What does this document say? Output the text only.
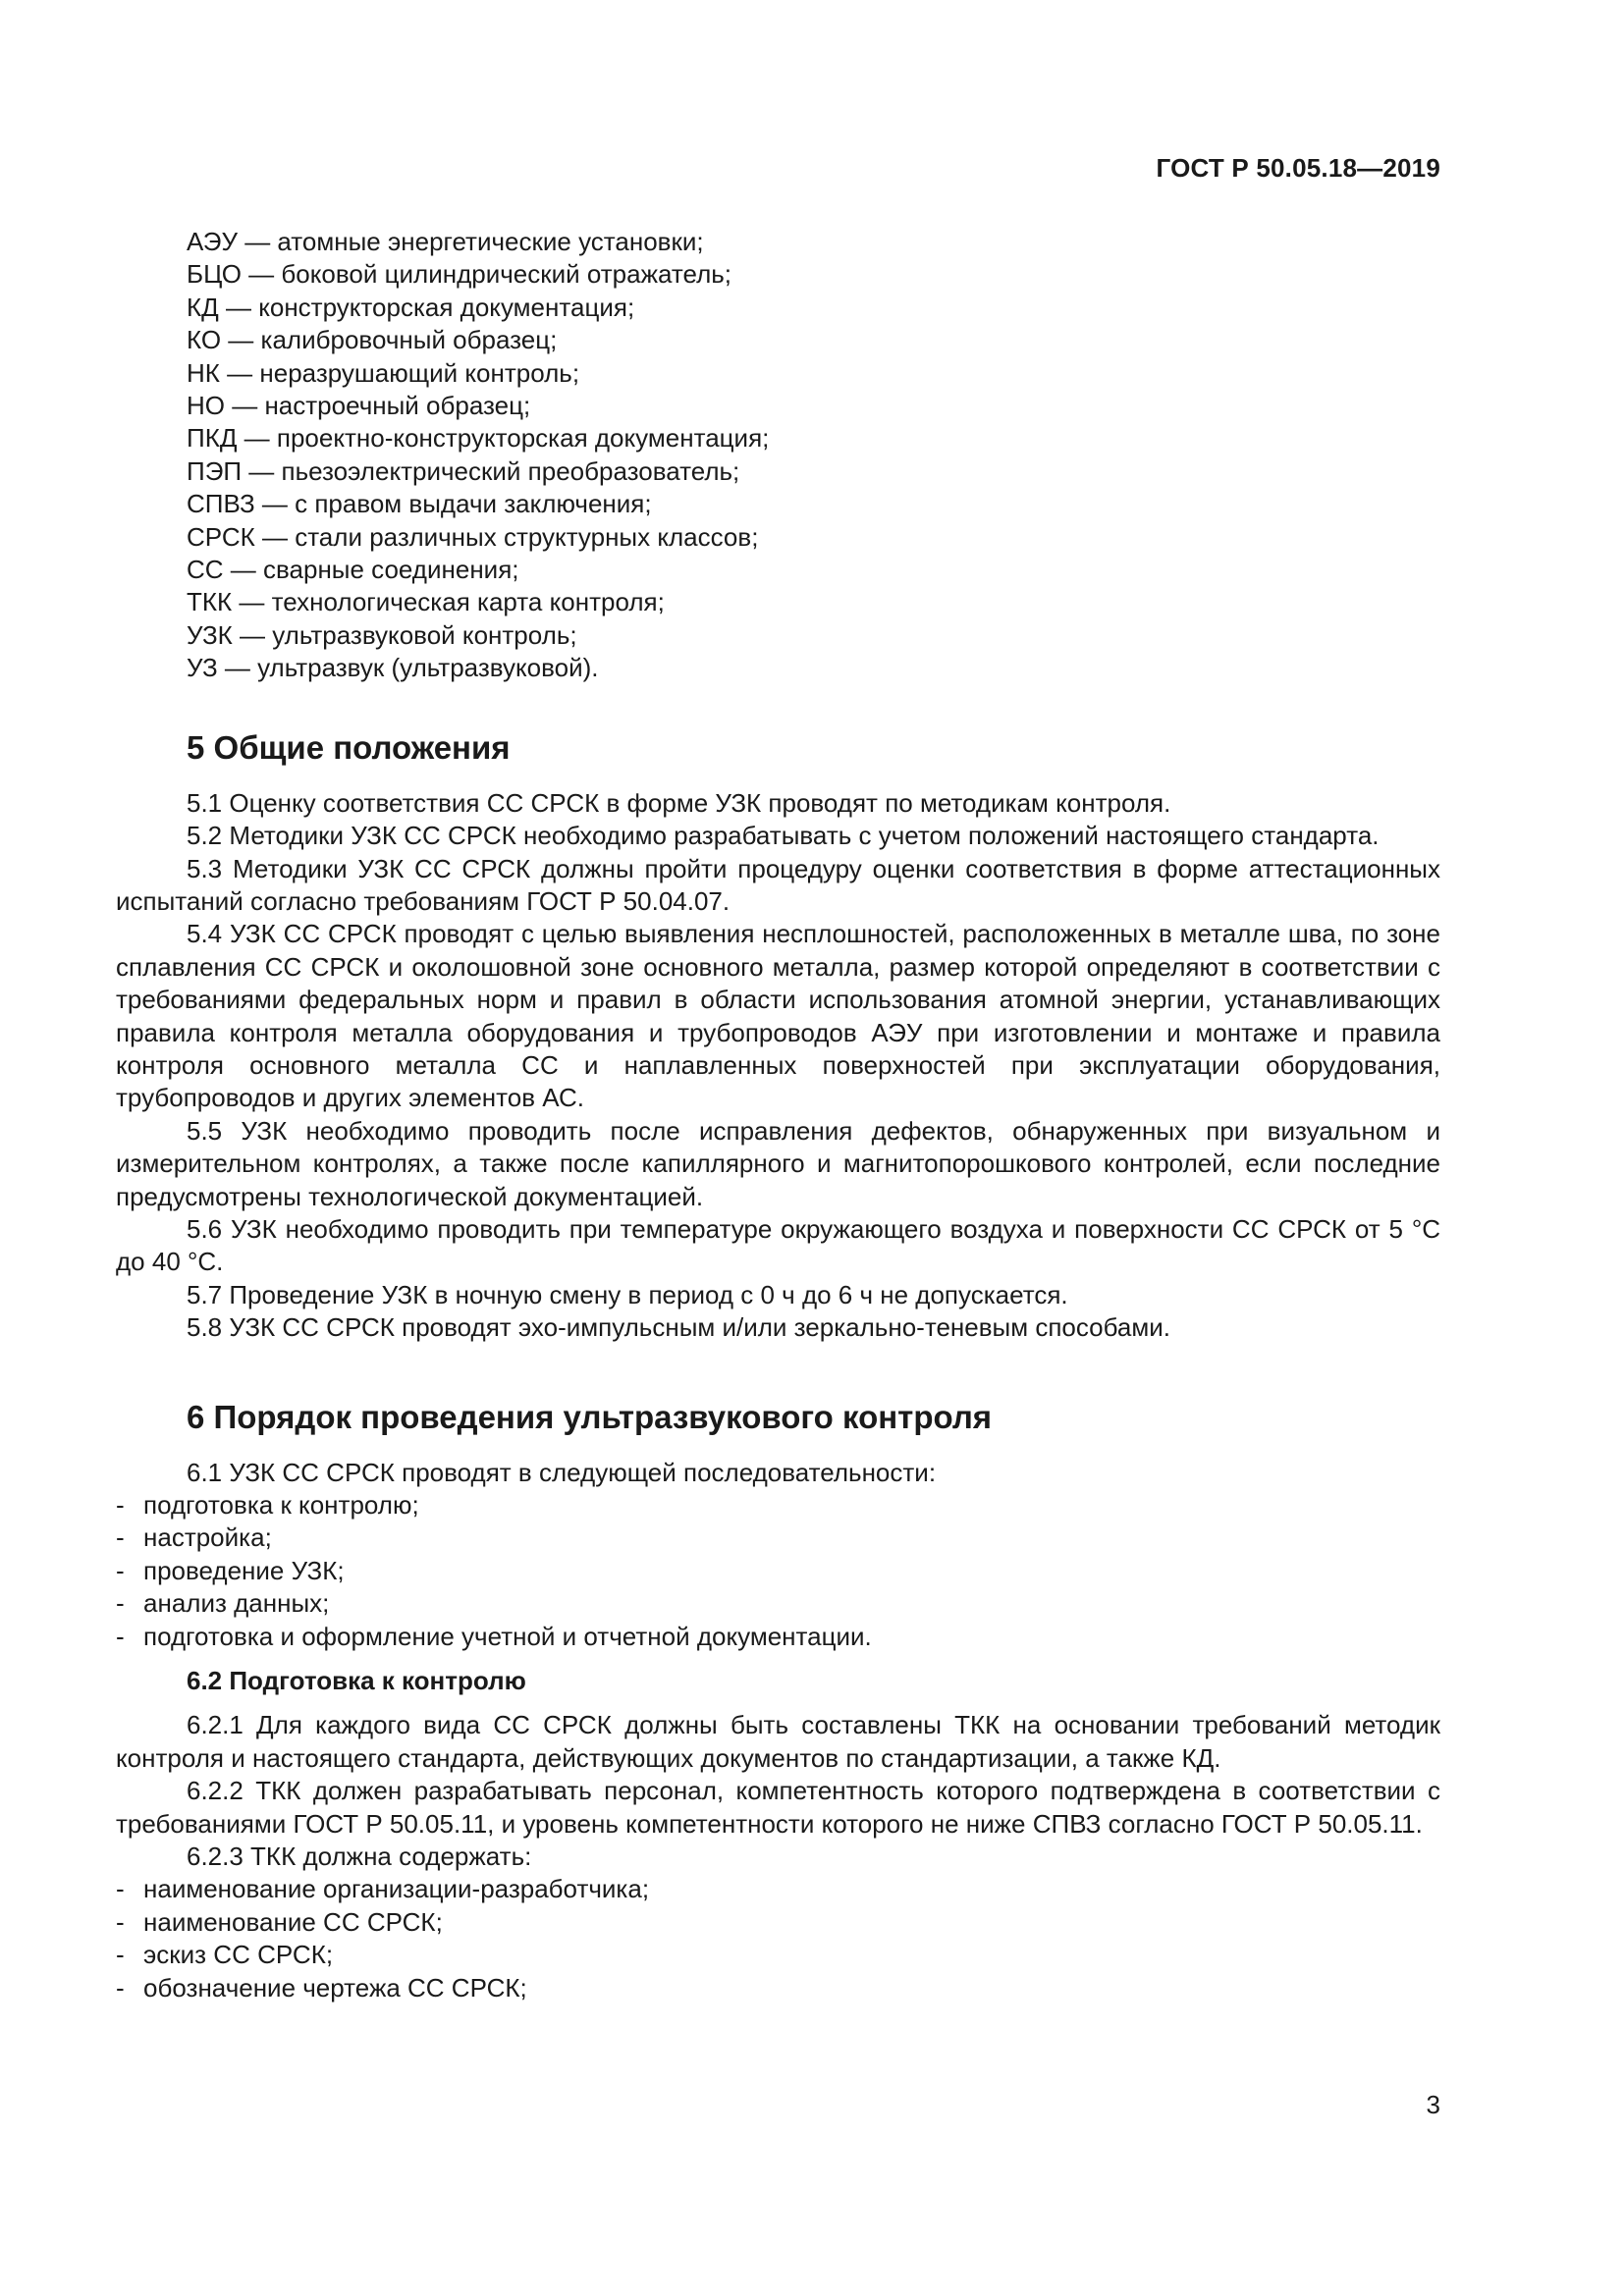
ГОСТ Р 50.05.18—2019
АЭУ — атомные энергетические установки;
БЦО — боковой цилиндрический отражатель;
КД — конструкторская документация;
КО — калибровочный образец;
НК — неразрушающий контроль;
НО — настроечный образец;
ПКД — проектно-конструкторская документация;
ПЭП — пьезоэлектрический преобразователь;
СПВЗ — с правом выдачи заключения;
СРСК — стали различных структурных классов;
СС — сварные соединения;
ТКК — технологическая карта контроля;
УЗК — ультразвуковой контроль;
УЗ — ультразвук (ультразвуковой).
5 Общие положения

5.1 Оценку соответствия СС СРСК в форме УЗК проводят по методикам контроля.

5.2 Методики УЗК СС СРСК необходимо разрабатывать с учетом положений настоящего стандарта.

5.3 Методики УЗК СС СРСК должны пройти процедуру оценки соответствия в форме аттестационных испытаний согласно требованиям ГОСТ Р 50.04.07.

5.4 УЗК СС СРСК проводят с целью выявления несплошностей, расположенных в металле шва, по зоне сплавления СС СРСК и околошовной зоне основного металла, размер которой определяют в соответствии с требованиями федеральных норм и правил в области использования атомной энергии, устанавливающих правила контроля металла оборудования и трубопроводов АЭУ при изготовлении и монтаже и правила контроля основного металла СС и наплавленных поверхностей при эксплуатации оборудования, трубопроводов и других элементов АС.

5.5 УЗК необходимо проводить после исправления дефектов, обнаруженных при визуальном и измерительном контролях, а также после капиллярного и магнитопорошкового контролей, если последние предусмотрены технологической документацией.

5.6 УЗК необходимо проводить при температуре окружающего воздуха и поверхности СС СРСК от 5 °С до 40 °С.

5.7 Проведение УЗК в ночную смену в период с 0 ч до 6 ч не допускается.

5.8 УЗК СС СРСК проводят эхо-импульсным и/или зеркально-теневым способами.

6 Порядок проведения ультразвукового контроля

6.1 УЗК СС СРСК проводят в следующей последовательности:

- подготовка к контролю;
- настройка;
- проведение УЗК;
- анализ данных;
- подготовка и оформление учетной и отчетной документации.
6.2 Подготовка к контролю

6.2.1 Для каждого вида СС СРСК должны быть составлены ТКК на основании требований методик контроля и настоящего стандарта, действующих документов по стандартизации, а также КД.

6.2.2 ТКК должен разрабатывать персонал, компетентность которого подтверждена в соответствии с требованиями ГОСТ Р 50.05.11, и уровень компетентности которого не ниже СПВЗ согласно ГОСТ Р 50.05.11.

6.2.3 ТКК должна содержать:

- наименование организации-разработчика;
- наименование СС СРСК;
- эскиз СС СРСК;
- обозначение чертежа СС СРСК;
3
